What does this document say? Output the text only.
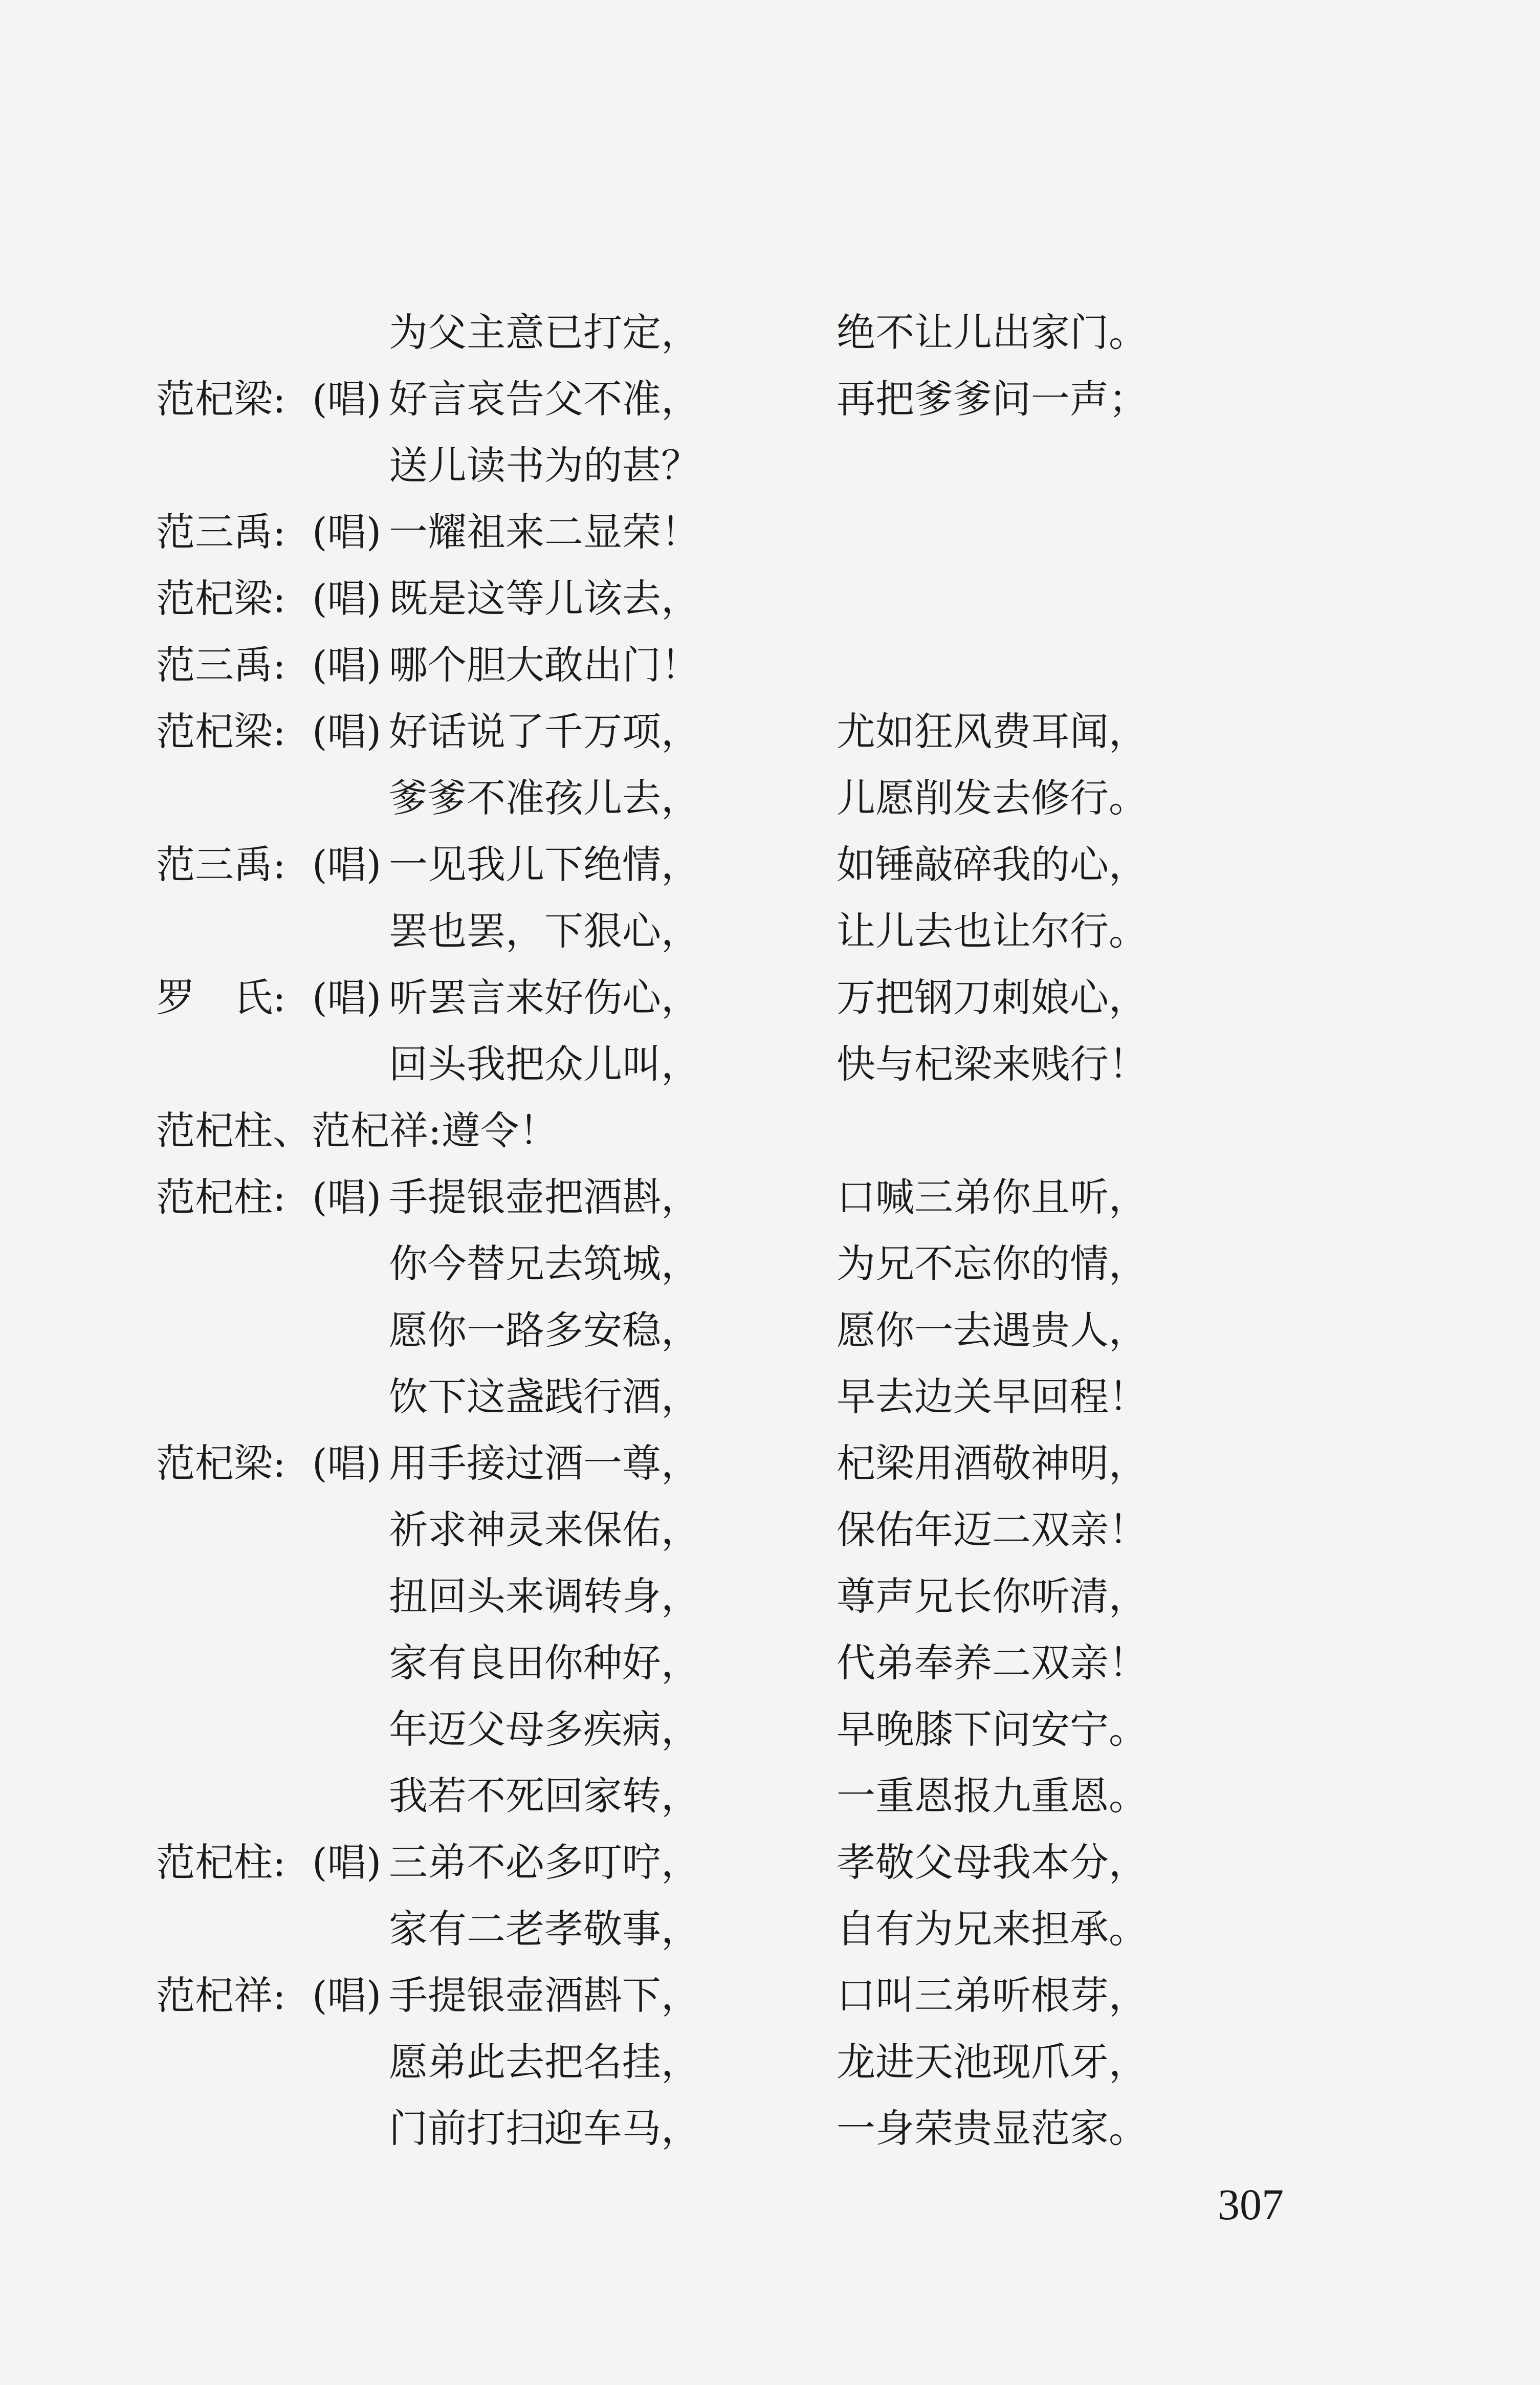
为父主意已打定，	绝不让儿出家门。
范杞梁: (唱) 好言哀告父不准，	再把爹爹问一声；
送儿读书为的甚？
范三禹: (唱) 一耀祖来二显荣！
范杞梁: (唱) 既是这等儿该去，
范三禹: (唱) 哪个胆大敢出门！
范杞梁: (唱) 好话说了千万项，	尤如狂风费耳闻，
爹爹不准孩儿去，	儿愿削发去修行。
范三禹: (唱) 一见我儿下绝情，	如锤敲碎我的心，
罢也罢，下狠心，	让儿去也让尔行。
罗　氏: (唱) 听罢言来好伤心，	万把钢刀刺娘心，
回头我把众儿叫，	快与杞梁来贱行！
范杞柱、范杞祥:遵令！
范杞柱: (唱) 手提银壶把酒斟，	口喊三弟你且听，
你今替兄去筑城，	为兄不忘你的情，
愿你一路多安稳，	愿你一去遇贵人，
饮下这盏践行酒，	早去边关早回程！
范杞梁: (唱) 用手接过酒一尊，	杞梁用酒敬神明，
祈求神灵来保佑，	保佑年迈二双亲！
扭回头来调转身，	尊声兄长你听清，
家有良田你种好，	代弟奉养二双亲！
年迈父母多疾病，	早晚膝下问安宁。
我若不死回家转，	一重恩报九重恩。
范杞柱: (唱) 三弟不必多叮咛，	孝敬父母我本分，
家有二老孝敬事，	自有为兄来担承。
范杞祥: (唱) 手提银壶酒斟下，	口叫三弟听根芽，
愿弟此去把名挂，	龙进天池现爪牙，
门前打扫迎车马，	一身荣贵显范家。
307
